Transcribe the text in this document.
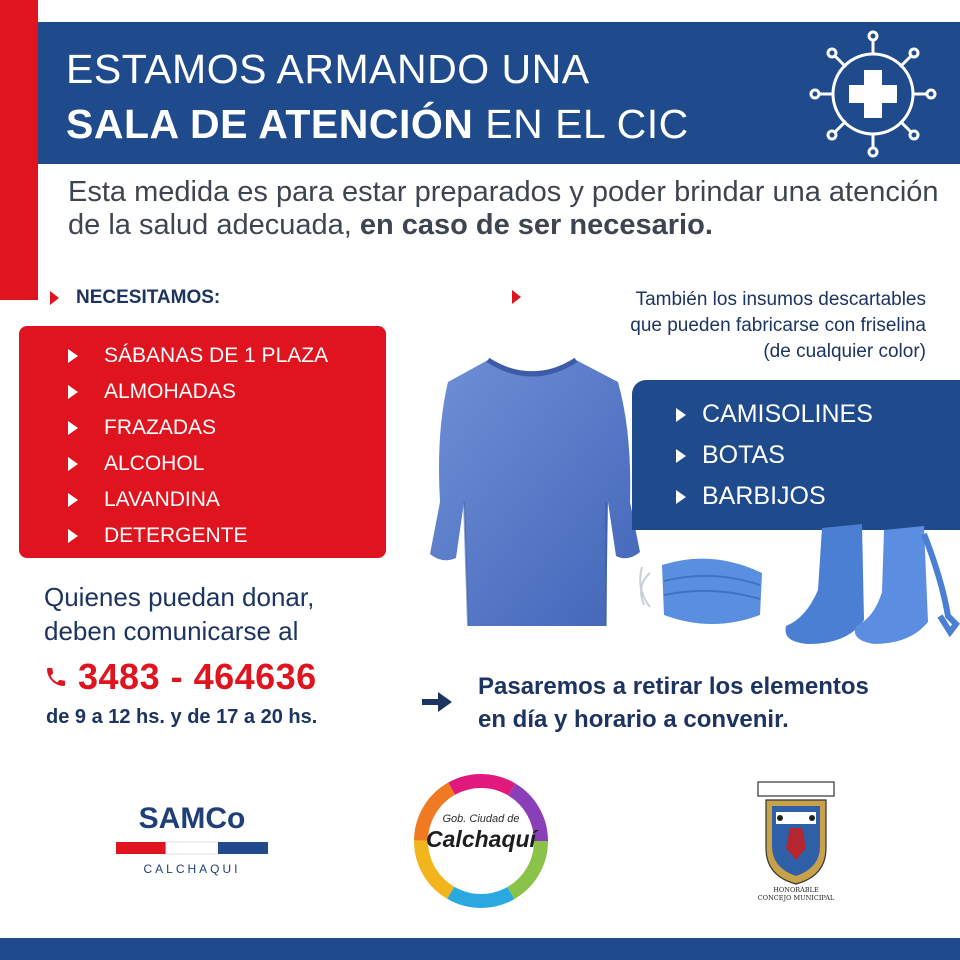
ESTAMOS ARMANDO UNA
SALA DE ATENCIÓN EN EL CIC
Esta medida es para estar preparados y poder brindar una atención de la salud adecuada, en caso de ser necesario.
NECESITAMOS:	También los insumos descartables
que pueden fabricarse con friselina
(de cualquier color)
SÁBANAS DE 1 PLAZA
ALMOHADAS
FRAZADAS
ALCOHOL
LAVANDINA
DETERGENTE
CAMISOLINES
BOTAS
BARBIJOS
Quienes puedan donar,
deben comunicarse al
3483 - 464636
de 9 a 12 hs. y de 17 a 20 hs.
Pasaremos a retirar los elementos
en día y horario a convenir.
SAMCo
CALCHAQUI
Gob. Ciudad de
Calchaquí
HONORABLE
CONCEJO MUNICIPAL
